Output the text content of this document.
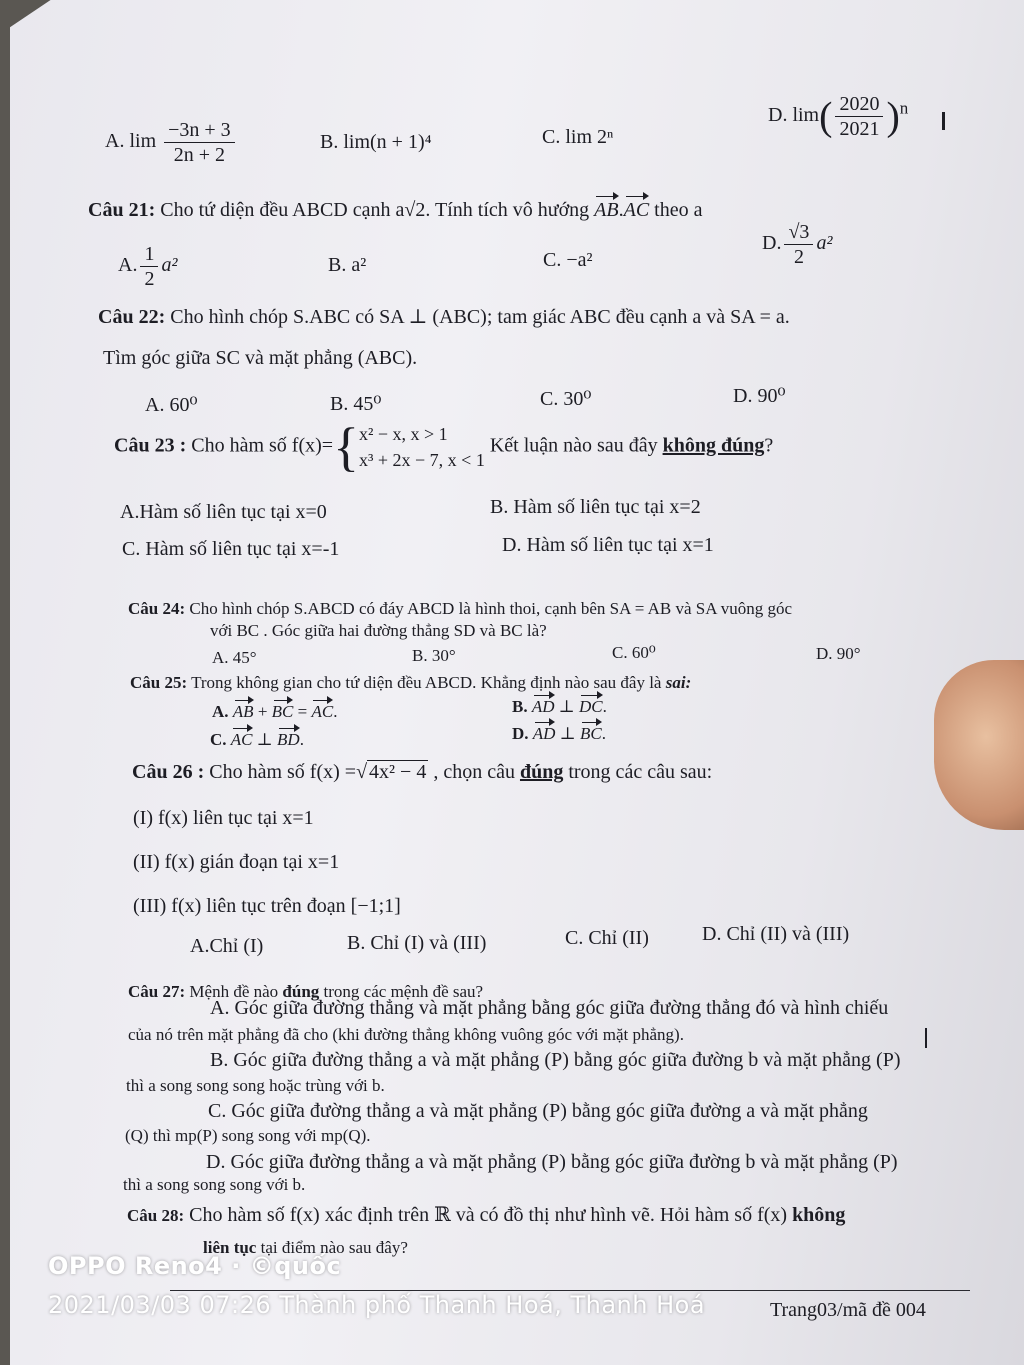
A. $\lim \frac{-3n + 3}{2n + 2}$	B. lim(n + 1)⁴	C. lim 2ⁿ
D. $\lim( \frac{2020}{2021} )^n$
Câu 21: Cho tứ diện đều ABCD cạnh a√2. Tính tích vô hướng AB.AC theo a
A. $\frac{1}{2} a^2$	B. a²	C. −a²
D. $\frac{√3}{2} a^2$
Câu 22: Cho hình chóp S.ABC có SA ⊥ (ABC); tam giác ABC đều cạnh a và SA = a.
Tìm góc giữa SC và mặt phẳng (ABC).
A. 60⁰	B. 45⁰	C. 30⁰	D. 90⁰
Câu 23 : Cho hàm số f(x)={ x² − x, x > 1
x³ + 2x − 7, x < 1
Kết luận nào sau đây không đúng?
A.Hàm số liên tục tại x=0	B. Hàm số liên tục tại x=2
C. Hàm số liên tục tại x=-1	D. Hàm số liên tục tại x=1
Câu 24: Cho hình chóp S.ABCD có đáy ABCD là hình thoi, cạnh bên SA = AB và SA vuông góc
với BC . Góc giữa hai đường thẳng SD và BC là?
A. 45°	B. 30°	C. 60⁰	D. 90°
Câu 25: Trong không gian cho tứ diện đều ABCD. Khẳng định nào sau đây là sai:
A. AB + BC = AC.	B. AD ⊥ DC.
C. AC ⊥ BD.	D. AD ⊥ BC.
Câu 26 : Cho hàm số f(x) =√ 4x² − 4 , chọn câu đúng trong các câu sau:
(I) f(x) liên tục tại x=1
(II) f(x) gián đoạn tại x=1
(III) f(x) liên tục trên đoạn [−1;1]
A.Chỉ (I)	B. Chỉ (I) và (III)	C. Chỉ (II)	D. Chỉ (II) và (III)
Câu 27: Mệnh đề nào đúng trong các mệnh đề sau?
A. Góc giữa đường thẳng và mặt phẳng bằng góc giữa đường thẳng đó và hình chiếu
của nó trên mặt phẳng đã cho (khi đường thẳng không vuông góc với mặt phẳng).
B. Góc giữa đường thẳng a và mặt phẳng (P) bằng góc giữa đường b và mặt phẳng (P)
thì a song song song hoặc trùng với b.
C. Góc giữa đường thẳng a và mặt phẳng (P) bằng góc giữa đường a và mặt phẳng
(Q) thì mp(P) song song với mp(Q).
D. Góc giữa đường thẳng a và mặt phẳng (P) bằng góc giữa đường b và mặt phẳng (P)
thì a song song song với b.
Câu 28: Cho hàm số f(x) xác định trên ℝ và có đồ thị như hình vẽ. Hỏi hàm số f(x) không
liên tục tại điểm nào sau đây?
Trang03/mã đề 004
OPPO Reno4 · ©quốc
2021/03/03 07:26 Thành phố Thanh Hoá, Thanh Hoá
